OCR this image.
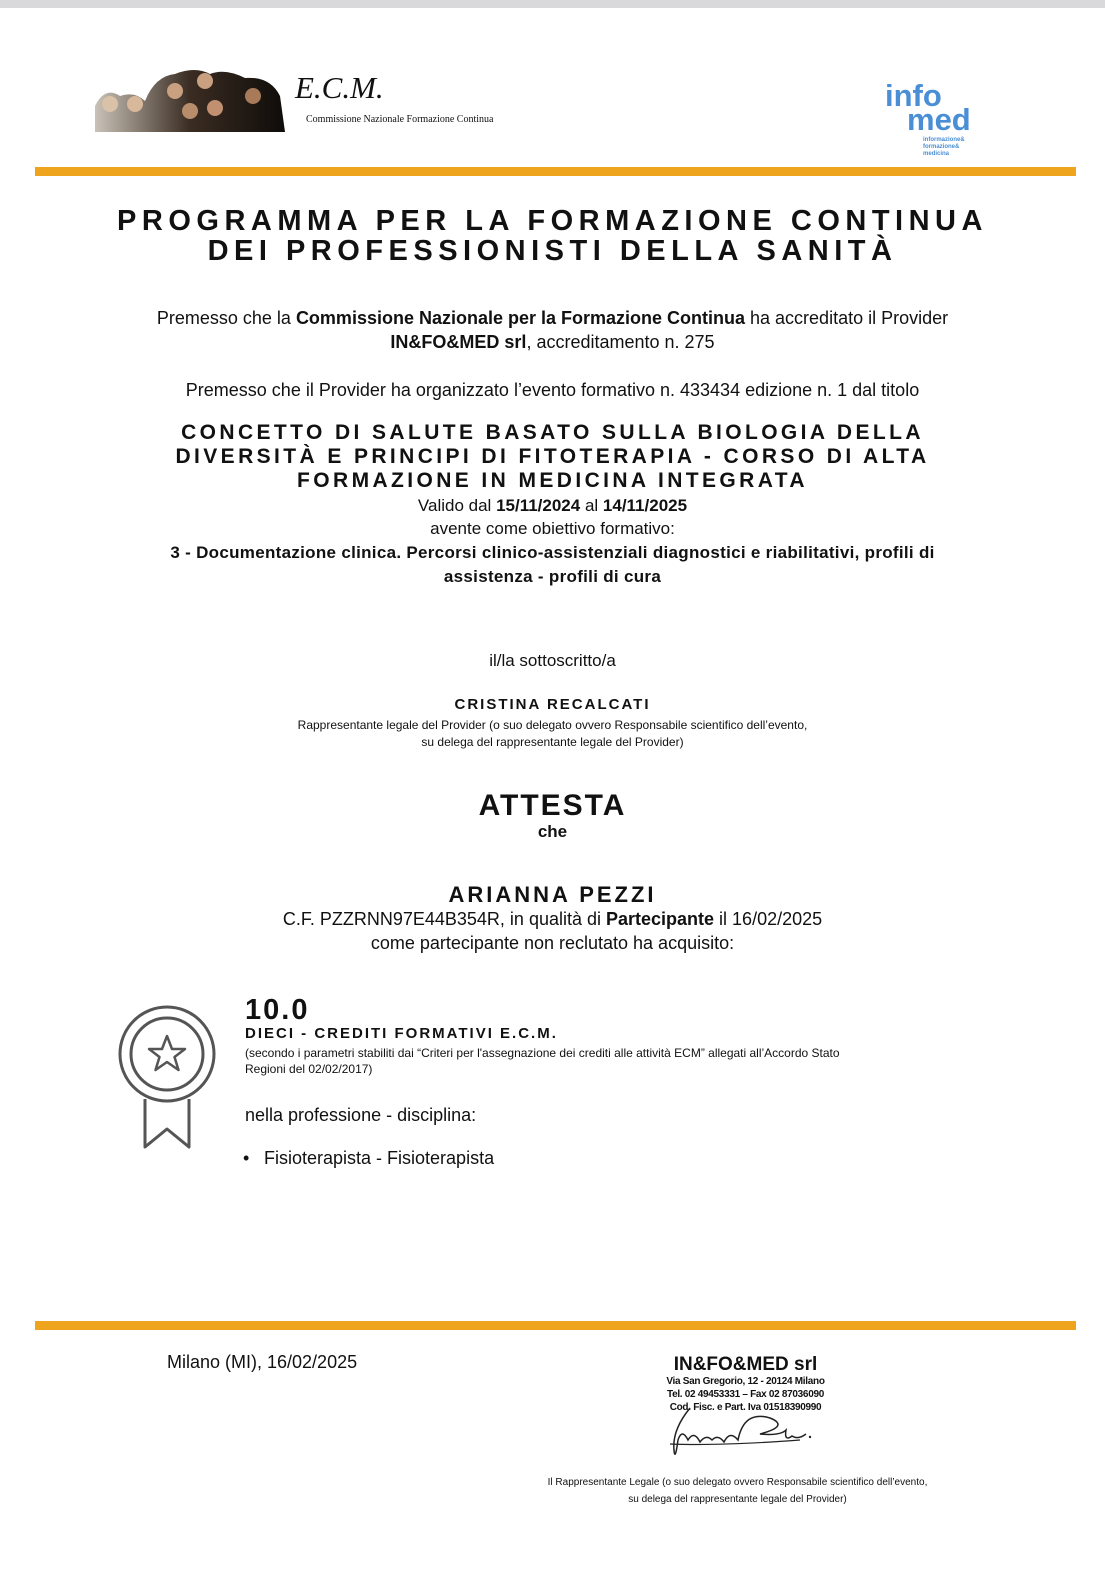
E.C.M.
Commissione Nazionale Formazione Continua
info
med
informazione&
formazione&
medicina
PROGRAMMA PER LA FORMAZIONE CONTINUA
DEI PROFESSIONISTI DELLA SANITÀ
Premesso che la Commissione Nazionale per la Formazione Continua ha accreditato il Provider
IN&FO&MED srl, accreditamento n. 275
Premesso che il Provider ha organizzato l’evento formativo n. 433434 edizione n. 1 dal titolo
CONCETTO DI SALUTE BASATO SULLA BIOLOGIA DELLA
DIVERSITÀ E PRINCIPI DI FITOTERAPIA - CORSO DI ALTA
FORMAZIONE IN MEDICINA INTEGRATA
Valido dal 15/11/2024 al 14/11/2025
avente come obiettivo formativo:
3 - Documentazione clinica. Percorsi clinico-assistenziali diagnostici e riabilitativi, profili di
assistenza - profili di cura
il/la sottoscritto/a
CRISTINA RECALCATI
Rappresentante legale del Provider (o suo delegato ovvero Responsabile scientifico dell’evento,
su delega del rappresentante legale del Provider)
ATTESTA
che
ARIANNA PEZZI
C.F. PZZRNN97E44B354R, in qualità di Partecipante il 16/02/2025
come partecipante non reclutato ha acquisito:
10.0
DIECI - CREDITI FORMATIVI E.C.M.
(secondo i parametri stabiliti dai “Criteri per l'assegnazione dei crediti alle attività ECM” allegati all’Accordo Stato
Regioni del 02/02/2017)
nella professione - disciplina:
• Fisioterapista - Fisioterapista
Milano (MI), 16/02/2025	IN&FO&MED srl
Via San Gregorio, 12 - 20124 Milano
Tel. 02 49453331 – Fax 02 87036090
Cod. Fisc. e Part. Iva 01518390990
Il Rappresentante Legale (o suo delegato ovvero Responsabile scientifico dell’evento,
su delega del rappresentante legale del Provider)
